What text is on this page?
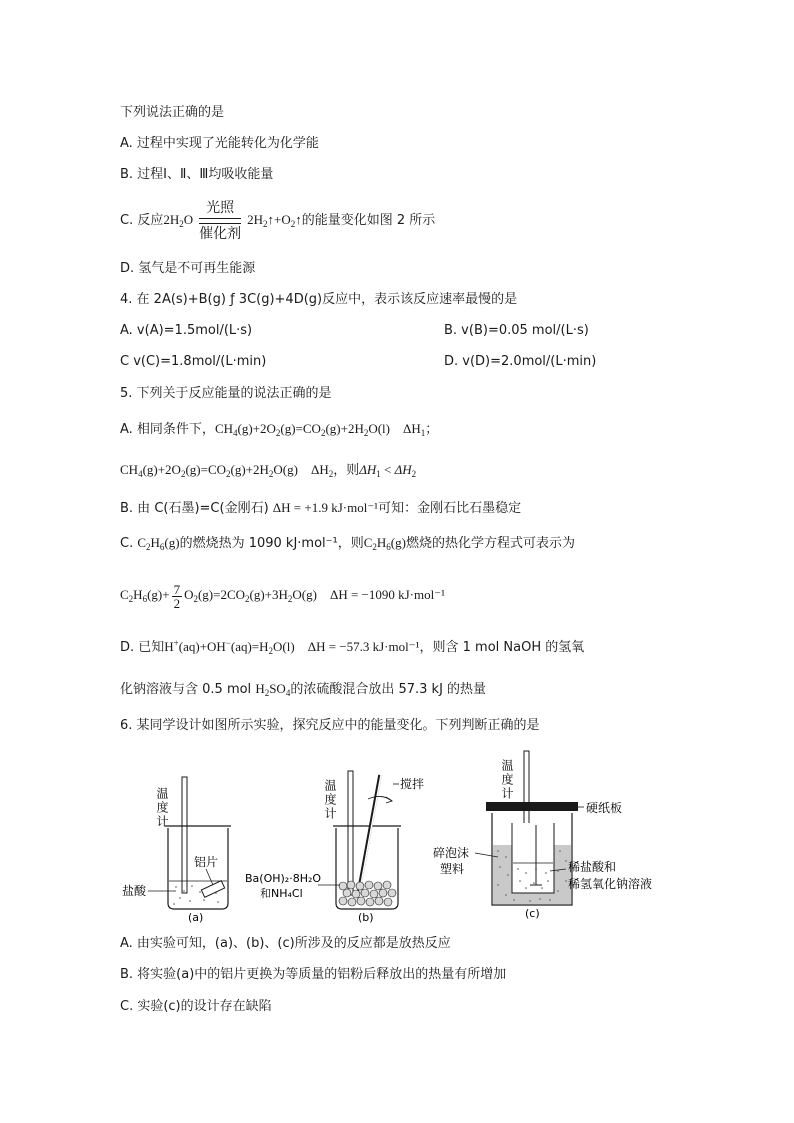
下列说法正确的是
A. 过程中实现了光能转化为化学能
B. 过程Ⅰ、Ⅱ、Ⅲ均吸收能量
C. 反应$2H_2O$
光照
催化剂
$2H_2↑+O_2↑$的能量变化如图 2 所示
D. 氢气是不可再生能源
4. 在 2A(s)+B(g) ƒ 3C(g)+4D(g)反应中，表示该反应速率最慢的是
A. v(A)=1.5mol/(L·s)	B. v(B)=0.05 mol/(L·s)
C v(C)=1.8mol/(L·min)	D. v(D)=2.0mol/(L·min)
5. 下列关于反应能量的说法正确的是
A. 相同条件下，$CH_4(g)+2O_2(g)=CO_2(g)+2H_2O(l)$    $\Delta H_1$；
$CH_4(g)+2O_2(g)=CO_2(g)+2H_2O(g)$    $\Delta H_2$，则$\Delta H_1 < \Delta H_2$
B. 由 C(石墨)=C(金刚石) ΔH = +1.9 kJ·mol⁻¹可知：金刚石比石墨稳定
C. $C_2H_6(g)$的燃烧热为 1090 kJ·mol⁻¹，则$C_2H_6(g)$燃烧的热化学方程式可表示为
$C_2H_6(g)+ \frac{7}{2} O_2(g)=2CO_2(g)+3H_2O(g)$    ΔH = −1090 kJ·mol⁻¹
D. 已知$H^+(aq)+OH^-(aq)=H_2O(l)$    ΔH = −57.3 kJ·mol⁻¹，则含 1 mol NaOH 的氢氧
化钠溶液与含 0.5 mol $H_2SO_4$的浓硫酸混合放出 57.3 kJ 的热量
6. 某同学设计如图所示实验，探究反应中的能量变化。下列判断正确的是
温度计
铝片
盐酸
(a)
温度计	搅拌
Ba(OH)₂·8H₂O
和NH₄Cl
(b)
温度计
硬纸板
碎泡沫
塑料	稀盐酸和
稀氢氧化钠溶液
(c)
A. 由实验可知，(a)、(b)、(c)所涉及的反应都是放热反应
B. 将实验(a)中的铝片更换为等质量的铝粉后释放出的热量有所增加
C. 实验(c)的设计存在缺陷
